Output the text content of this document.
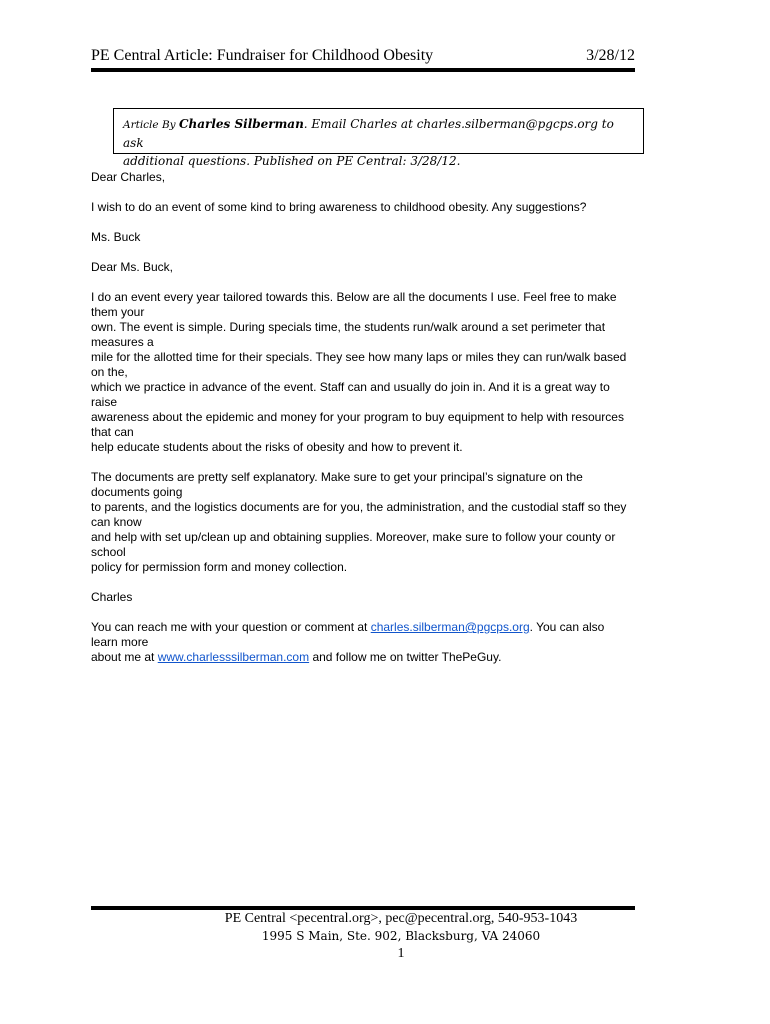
PE Central Article: Fundraiser for Childhood Obesity	3/28/12
Article By Charles Silberman. Email Charles at charles.silberman@pgcps.org to ask
additional questions. Published on PE Central: 3/28/12.

Dear Charles,

I wish to do an event of some kind to bring awareness to childhood obesity. Any suggestions?

Ms. Buck

Dear Ms. Buck,

I do an event every year tailored towards this. Below are all the documents I use. Feel free to make them your

own. The event is simple. During specials time, the students run/walk around a set perimeter that measures a

mile for the allotted time for their specials. They see how many laps or miles they can run/walk based on the,

which we practice in advance of the event. Staff can and usually do join in. And it is a great way to raise

awareness about the epidemic and money for your program to buy equipment to help with resources that can

help educate students about the risks of obesity and how to prevent it.

The documents are pretty self explanatory. Make sure to get your principal’s signature on the documents going

to parents, and the logistics documents are for you, the administration, and the custodial staff so they can know

and help with set up/clean up and obtaining supplies. Moreover, make sure to follow your county or school

policy for permission form and money collection.

Charles

You can reach me with your question or comment at charles.silberman@pgcps.org. You can also learn more

about me at www.charlesssilberman.com and follow me on twitter ThePeGuy.

PE Central <pecentral.org>, pec@pecentral.org, 540-953-1043
1995 S Main, Ste. 902, Blacksburg, VA 24060
1
